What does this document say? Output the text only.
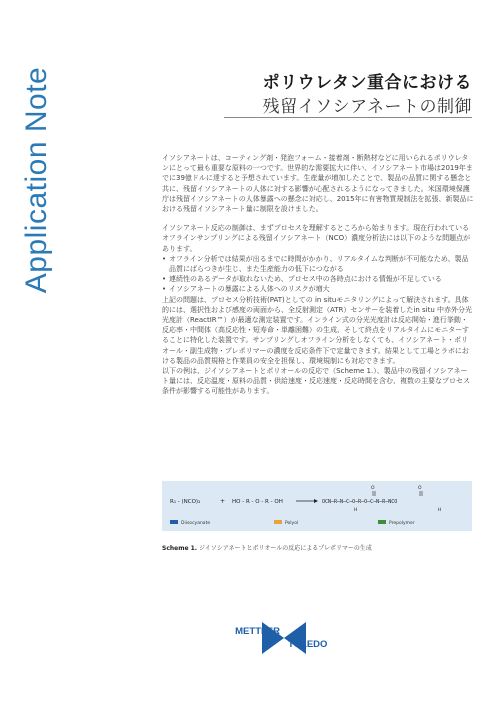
Application Note	ポリウレタン重合における
残留イソシアネートの制御

イソシアネートは、コーティング剤・発泡フォーム・接着剤・断熱材などに用いられるポリウレタンにとって最も重要な原料の一つです。世界的な需要拡大に伴い、イソシアネート市場は2019年までに39億ドルに達すると予想されています。生産量が増加したことで、製品の品質に関する懸念と共に、残留イソシアネートの人体に対する影響が心配されるようになってきました。米国環境保護庁は残留イソシアネートの人体暴露への懸念に対応し、2015年に有害物質規制法を拡張、新製品における残留イソシアネート量に制限を設けました。

イソシアネート反応の制御は、まずプロセスを理解するところから始まります。現在行われているオフラインサンプリングによる残留イソシアネート（NCO）濃度分析法には以下のような問題点があります。

• オフライン分析では結果が出るまでに時間がかかり、リアルタイムな判断が不可能なため、製品品質にばらつきが生じ、また生産能力の低下につながる
• 連続性のあるデータが取れないため、プロセス中の各時点における情報が不足している
• イソシアネートの暴露による人体へのリスクが増大

上記の問題は、プロセス分析技術(PAT)としての in situモニタリングによって解決されます。具体的には、選択性および感度の両面から、全反射測定（ATR）センサーを装着したin situ 中赤外分光光度計（ReactIR™）が最適な測定装置です。インライン式の分光光度計は反応開始・進行挙動・反応率・中間体（高反応性・短寿命・単離困難）の生成、そして終点をリアルタイムにモニターすることに特化した装置です。サンプリングしオフライン分析をしなくても、イソシアネート・ポリオール・副生成物・プレポリマーの濃度を反応条件下で定量できます。結果として工場とラボにおける製品の品質規格と作業員の安全を担保し、環境規制にも対応できます。

以下の例は、ジイソシアネートとポリオールの反応で（Scheme 1.）、製品中の残留イソシアネート量には、反応温度・原料の品質・供給速度・反応速度・反応時間を含む、複数の主要なプロセス条件が影響する可能性があります。

R₁ - (NCO)₂	+ HO - R - O - R - OH	OCN─R─N─C─O─R─O─C─N─R─NCO
O	O
H	H
Diisocyanate	Polyol	Prepolymer
Scheme 1. ジイソシアネートとポリオールの反応によるプレポリマーの生成
METTLER
TOLEDO
